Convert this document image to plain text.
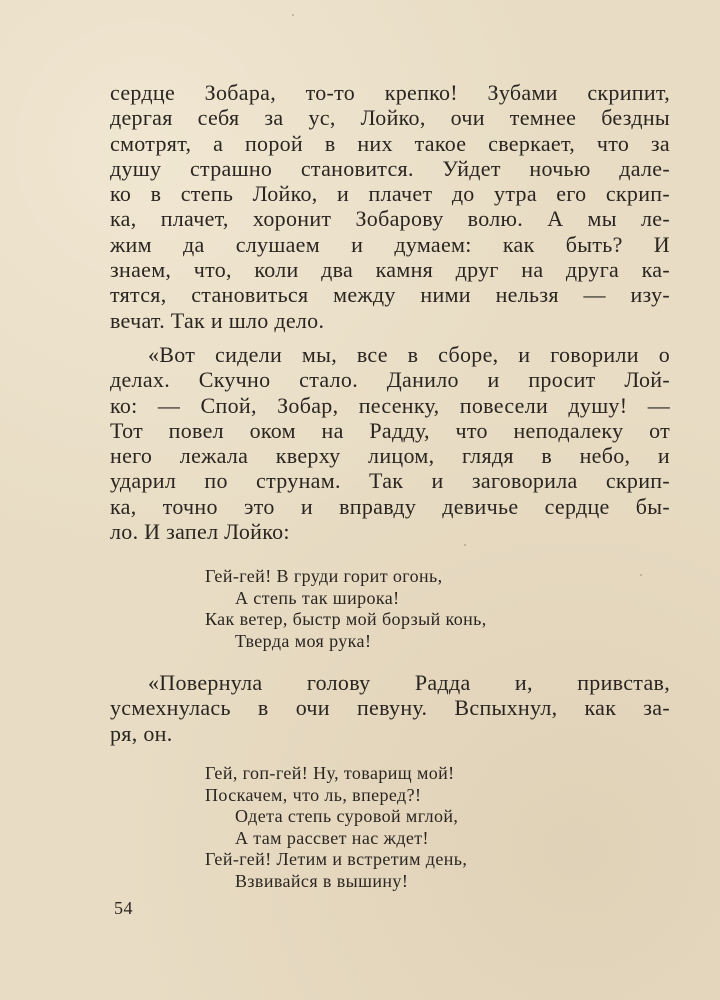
сердце Зобара, то-то крепко! Зубами скрипит,
дергая себя за ус, Лойко, очи темнее бездны
смотрят, а порой в них такое сверкает, что за
душу страшно становится. Уйдет ночью дале-
ко в степь Лойко, и плачет до утра его скрип-
ка, плачет, хоронит Зобарову волю. А мы ле-
жим да слушаем и думаем: как быть? И
знаем, что, коли два камня друг на друга ка-
тятся, становиться между ними нельзя — изу-
вечат. Так и шло дело.
«Вот сидели мы, все в сборе, и говорили о
делах. Скучно стало. Данило и просит Лой-
ко: — Спой, Зобар, песенку, повесели душу! —
Тот повел оком на Радду, что неподалеку от
него лежала кверху лицом, глядя в небо, и
ударил по струнам. Так и заговорила скрип-
ка, точно это и вправду девичье сердце бы-
ло. И запел Лойко:
Гей-гей! В груди горит огонь,
А степь так широка!
Как ветер, быстр мой борзый конь,
Тверда моя рука!
«Повернула голову Радда и, привстав,
усмехнулась в очи певуну. Вспыхнул, как за-
ря, он.
Гей, гоп-гей! Ну, товарищ мой!
Поскачем, что ль, вперед?!
Одета степь суровой мглой,
А там рассвет нас ждет!
Гей-гей! Летим и встретим день,
Взвивайся в вышину!
54
